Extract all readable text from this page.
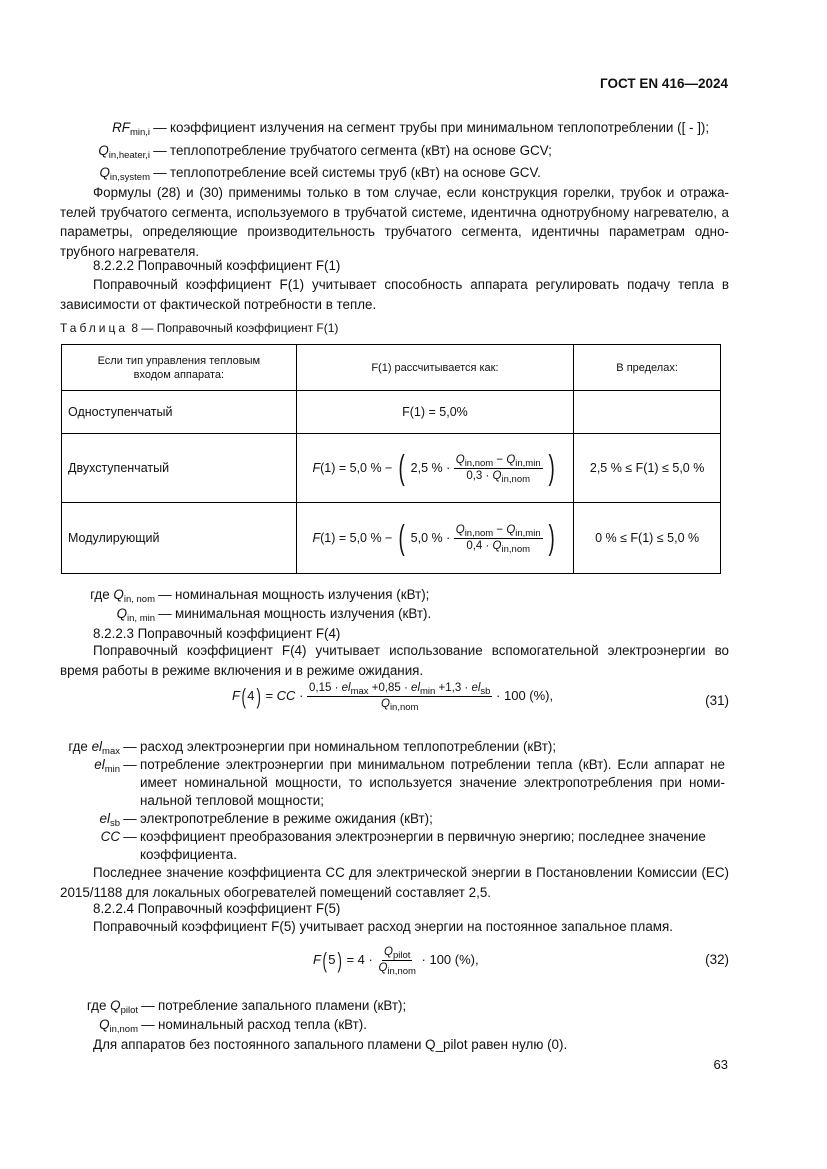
ГОСТ EN 416—2024
$RF_{min,i}$ — коэффициент излучения на сегмент трубы при минимальном теплопотреблении ([ - ]);
$Q_{in,heater,i}$ — теплопотребление трубчатого сегмента (кВт) на основе GCV;
$Q_{in,system}$ — теплопотребление всей системы труб (кВт) на основе GCV.
Формулы (28) и (30) применимы только в том случае, если конструкция горелки, трубок и отражателей трубчатого сегмента, используемого в трубчатой системе, идентична однотрубному нагревателю, а параметры, определяющие производительность трубчатого сегмента, идентичны параметрам однотрубного нагревателя.
8.2.2.2 Поправочный коэффициент F(1)
Поправочный коэффициент F(1) учитывает способность аппарата регулировать подачу тепла в зависимости от фактической потребности в тепле.
Таблица 8 — Поправочный коэффициент F(1)
Если тип управления тепловым входом аппарата:	F(1) рассчитывается как:	В пределах:
Одноступенчатый	F(1) = 5,0%	
Двухступенчатый	F(1) = 5,0 % − ( 2,5 % · $\frac{Q_{in,nom} - Q_{in,min}}{0,3 \cdot Q_{in,nom}}$ )	2,5 % ≤ F(1) ≤ 5,0 %
Модулирующий	F(1) = 5,0 % − ( 5,0 % · $\frac{Q_{in,nom} - Q_{in,min}}{0,4 \cdot Q_{in,nom}}$ )	0 % ≤ F(1) ≤ 5,0 %
где $Q_{in, nom}$ — номинальная мощность излучения (кВт);
$Q_{in, min}$ — минимальная мощность излучения (кВт).
8.2.2.3 Поправочный коэффициент F(4)
Поправочный коэффициент F(4) учитывает использование вспомогательной электроэнергии во время работы в режиме включения и в режиме ожидания.
F(4) = CC · $\frac{0,15 \cdot el_{max} +0,85 \cdot el_{min} +1,3 \cdot el_{sb}}{Q_{in,nom}} \cdot 100$ (%),	(31)
где $el_{max}$ — расход электроэнергии при номинальном теплопотреблении (кВт);
$el_{min}$ — потребление электроэнергии при минимальном потреблении тепла (кВт). Если аппарат не имеет номинальной мощности, то используется значение электропотребления при номинальной тепловой мощности;
$el_{sb}$ — электропотребление в режиме ожидания (кВт);
CC — коэффициент преобразования электроэнергии в первичную энергию; последнее значение коэффициента.
Последнее значение коэффициента CC для электрической энергии в Постановлении Комиссии (ЕС) 2015/1188 для локальных обогревателей помещений составляет 2,5.
8.2.2.4 Поправочный коэффициент F(5)
Поправочный коэффициент F(5) учитывает расход энергии на постоянное запальное пламя.
$F(5) = 4 \cdot \frac{Q_{pilot}}{Q_{in,nom}} \cdot 100$ (%),	(32)
где $Q_{pilot}$ — потребление запального пламени (кВт);
$Q_{in,nom}$ — номинальный расход тепла (кВт).
Для аппаратов без постоянного запального пламени Q_pilot равен нулю (0).
63
